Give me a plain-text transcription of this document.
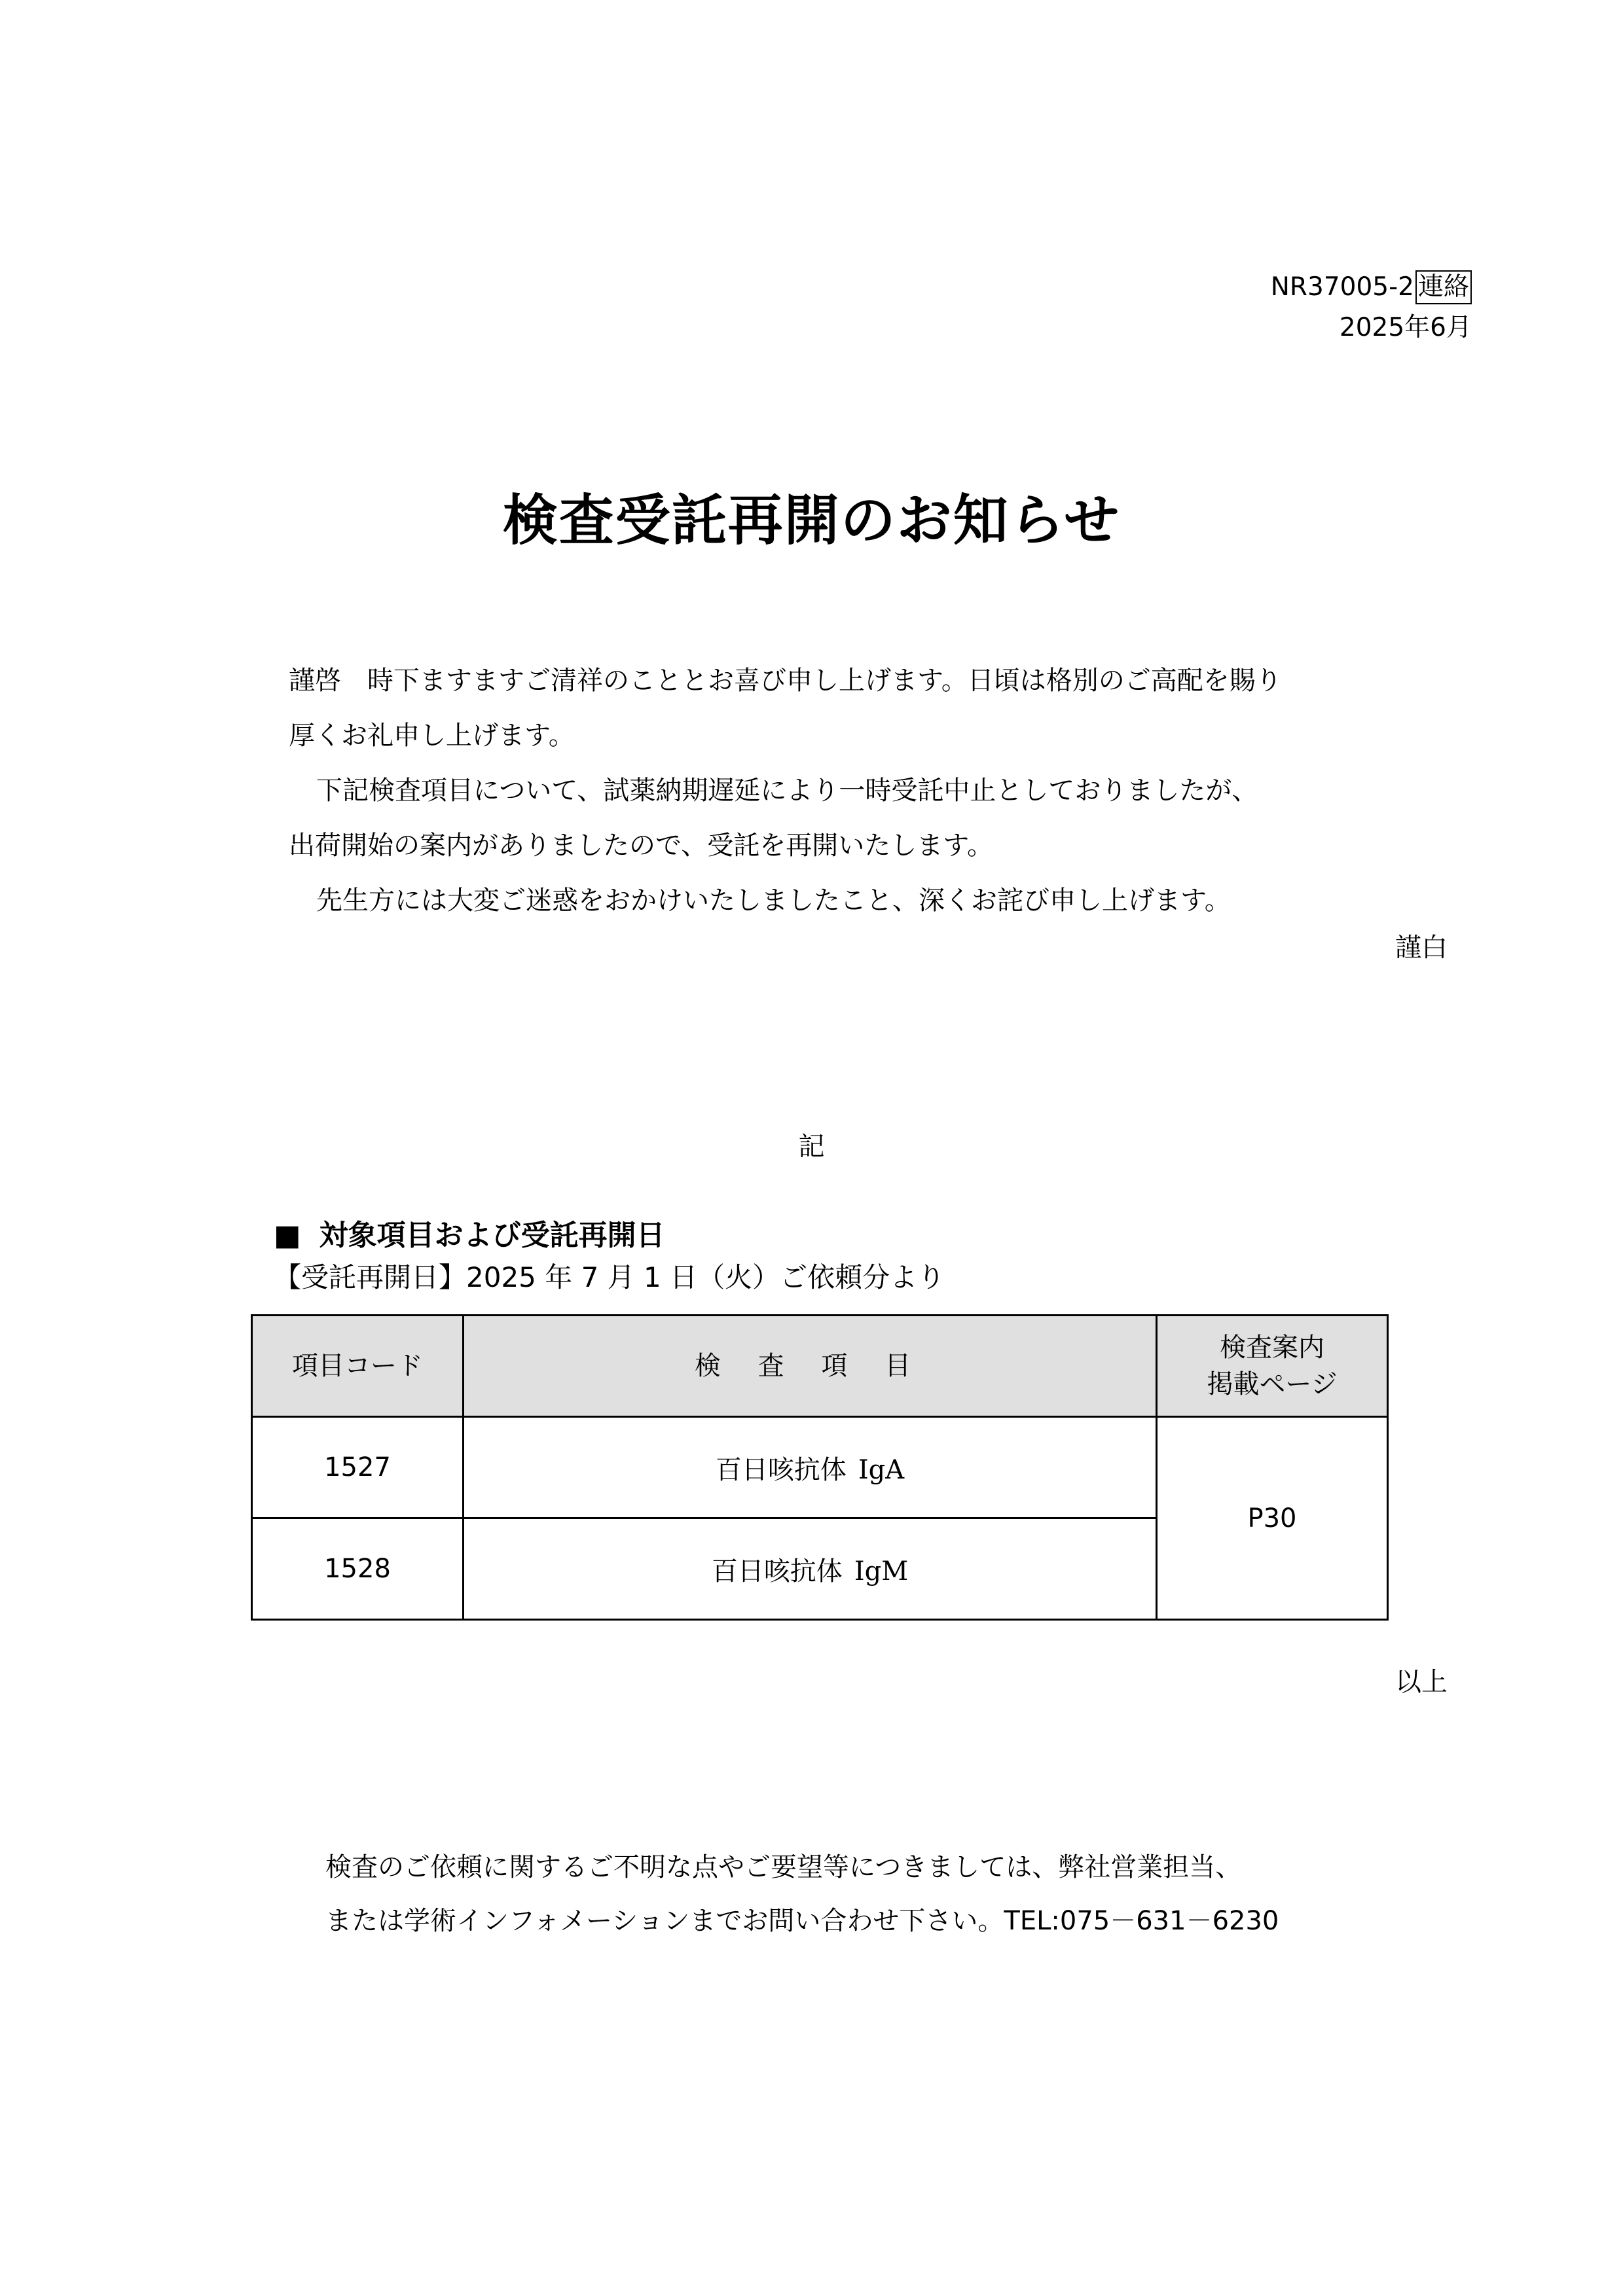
NR37005-2 連絡
2025年6月
検査受託再開のお知らせ

謹啓　時下ますますご清祥のこととお喜び申し上げます。日頃は格別のご高配を賜り

厚くお礼申し上げます。

下記検査項目について、試薬納期遅延により一時受託中止としておりましたが、

出荷開始の案内がありましたので、受託を再開いたします。

先生方には大変ご迷惑をおかけいたしましたこと、深くお詫び申し上げます。

謹白
記
■ 対象項目および受託再開日
【受託再開日】2025 年 7 月 1 日（火）ご依頼分より
項目コード	検 査 項 目	検査案内
掲載ページ

1527	百日咳抗体 IgA	P30
1528	百日咳抗体 IgM	
以上

検査のご依頼に関するご不明な点やご要望等につきましては、弊社営業担当、

または学術インフォメーションまでお問い合わせ下さい。TEL:075－631－6230
